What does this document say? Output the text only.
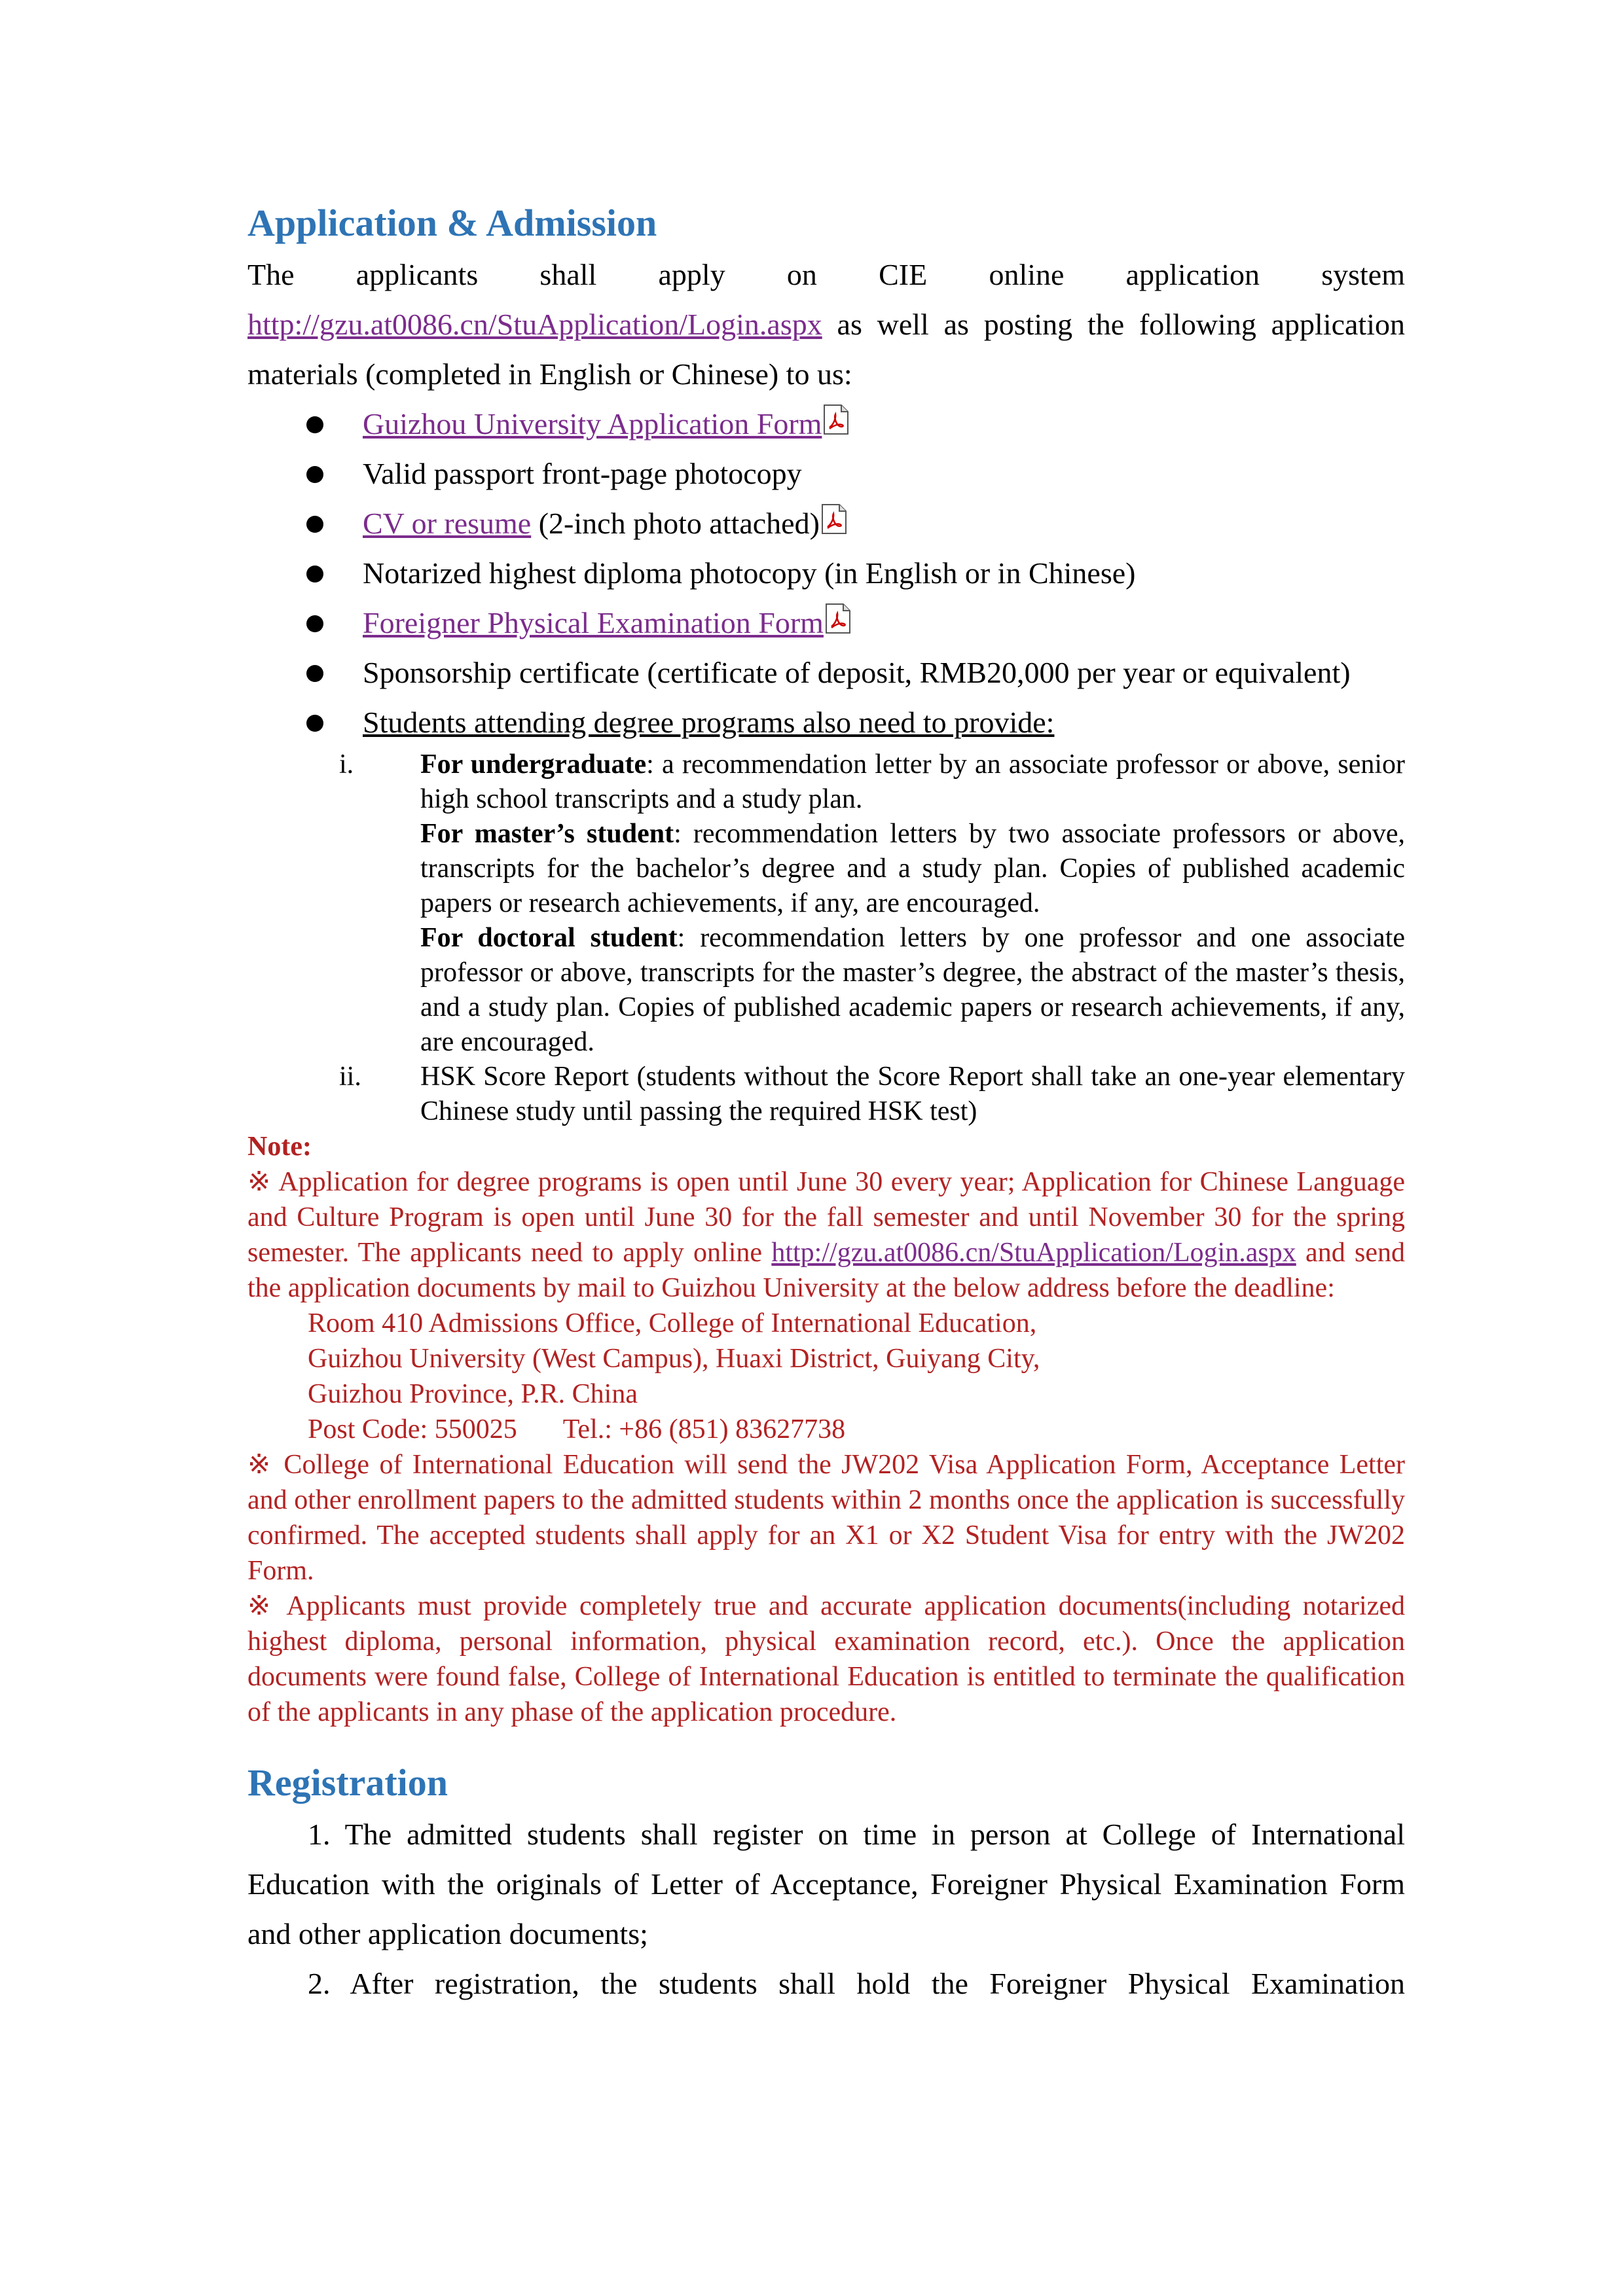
Application & Admission

The applicants shall apply on CIE online application system http://gzu.at0086.cn/StuApplication/Login.aspx as well as posting the following application materials (completed in English or Chinese) to us:

Guizhou University Application Form
Valid passport front-page photocopy
CV or resume (2-inch photo attached)
Notarized highest diploma photocopy (in English or in Chinese)
Foreigner Physical Examination Form
Sponsorship certificate (certificate of deposit, RMB20,000 per year or equivalent)
Students attending degree programs also need to provide:
i. For undergraduate: a recommendation letter by an associate professor or above, senior high school transcripts and a study plan.

For master’s student: recommendation letters by two associate professors or above, transcripts for the bachelor’s degree and a study plan. Copies of published academic papers or research achievements, if any, are encouraged.

For doctoral student: recommendation letters by one professor and one associate professor or above, transcripts for the master’s degree, the abstract of the master’s thesis, and a study plan. Copies of published academic papers or research achievements, if any, are encouraged.

ii. HSK Score Report (students without the Score Report shall take an one-year elementary Chinese study until passing the required HSK test)

Note:

※ Application for degree programs is open until June 30 every year; Application for Chinese Language and Culture Program is open until June 30 for the fall semester and until November 30 for the spring semester. The applicants need to apply online http://gzu.at0086.cn/StuApplication/Login.aspx and send the application documents by mail to Guizhou University at the below address before the deadline:

Room 410 Admissions Office, College of International Education,

Guizhou University (West Campus), Huaxi District, Guiyang City,

Guizhou Province, P.R. China

Post Code: 550025 Tel.: +86 (851) 83627738

※ College of International Education will send the JW202 Visa Application Form, Acceptance Letter and other enrollment papers to the admitted students within 2 months once the application is successfully confirmed. The accepted students shall apply for an X1 or X2 Student Visa for entry with the JW202 Form.

※ Applicants must provide completely true and accurate application documents(including notarized highest diploma, personal information, physical examination record, etc.). Once the application documents were found false, College of International Education is entitled to terminate the qualification of the applicants in any phase of the application procedure.

Registration

1. The admitted students shall register on time in person at College of International Education with the originals of Letter of Acceptance, Foreigner Physical Examination Form and other application documents;

2. After registration, the students shall hold the Foreigner Physical Examination
